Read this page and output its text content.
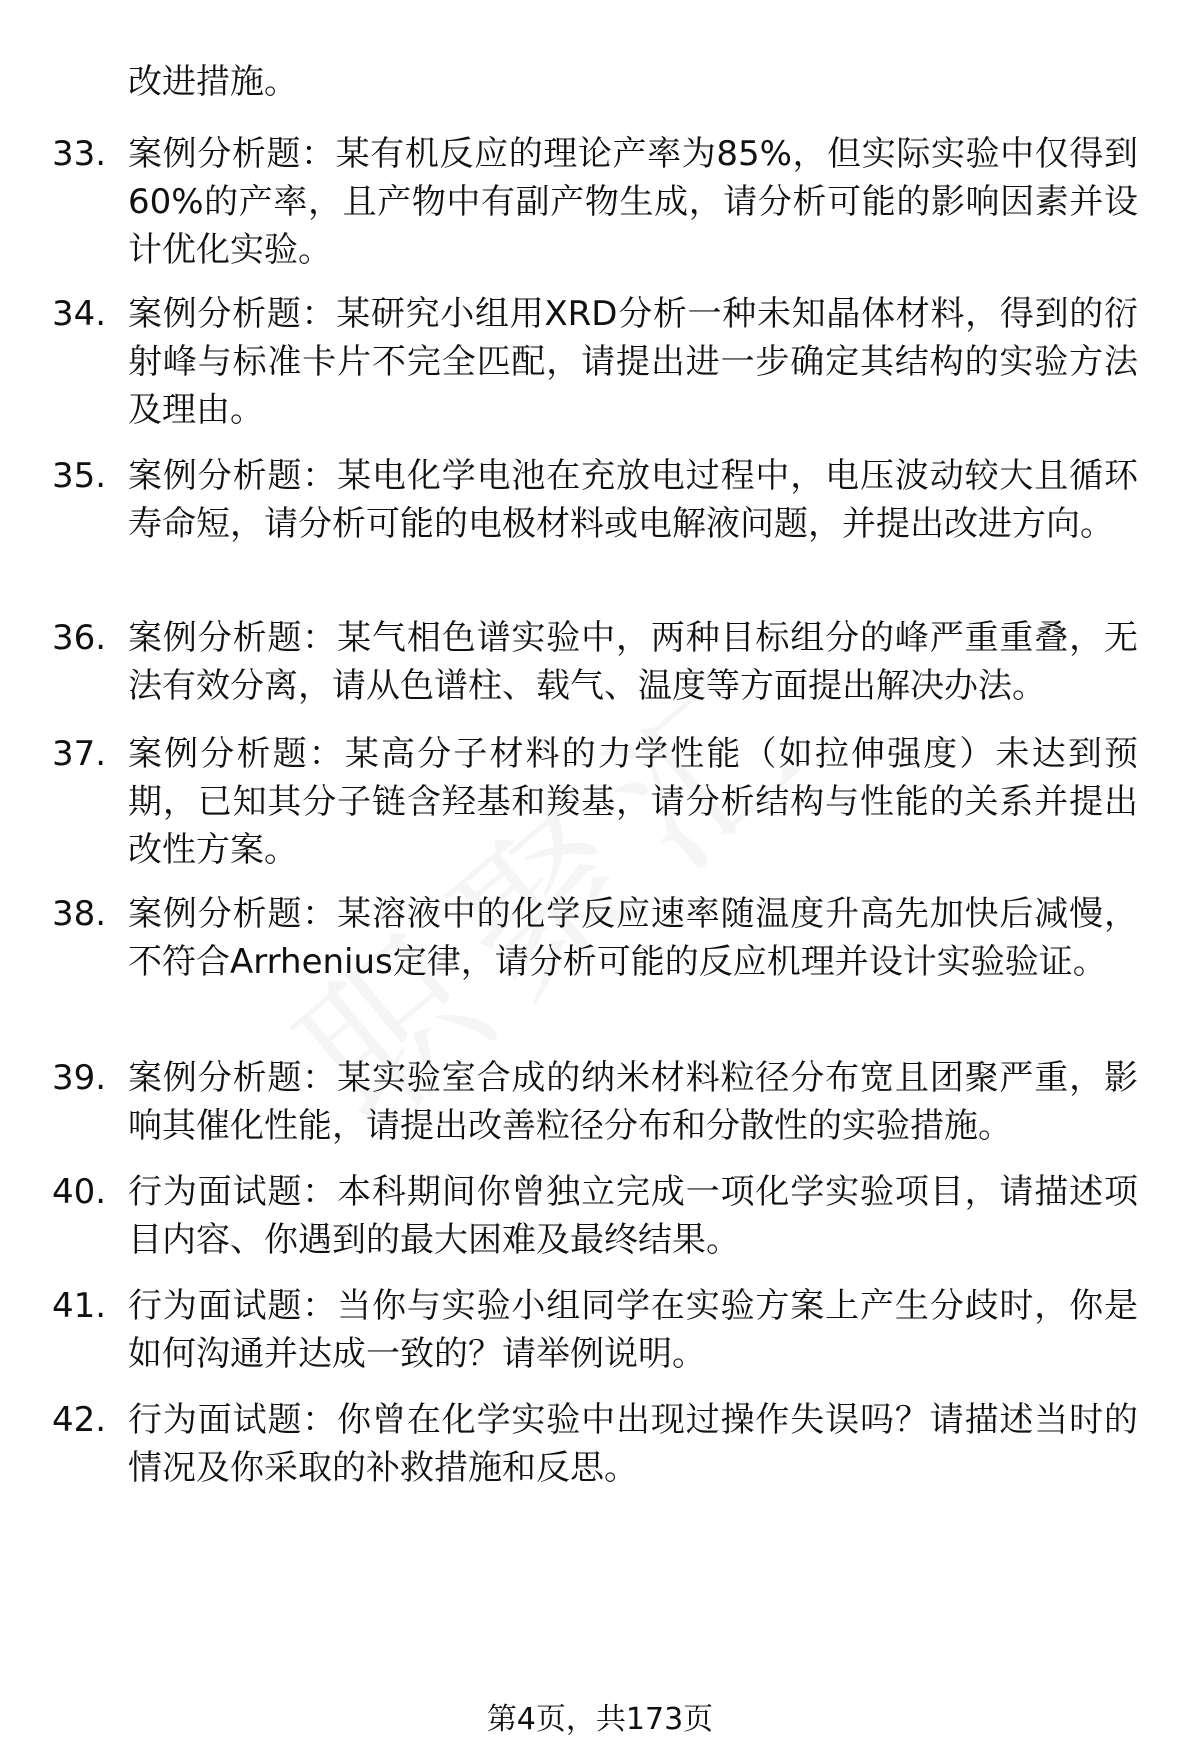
改进措施。

33. 案例分析题：某有机反应的理论产率为85%，但实际实验中仅得到60%的产率，且产物中有副产物生成，请分析可能的影响因素并设计优化实验。

34. 案例分析题：某研究小组用XRD分析一种未知晶体材料，得到的衍射峰与标准卡片不完全匹配，请提出进一步确定其结构的实验方法及理由。

35. 案例分析题：某电化学电池在充放电过程中，电压波动较大且循环寿命短，请分析可能的电极材料或电解液问题，并提出改进方向。

36. 案例分析题：某气相色谱实验中，两种目标组分的峰严重重叠，无法有效分离，请从色谱柱、载气、温度等方面提出解决办法。

37. 案例分析题：某高分子材料的力学性能（如拉伸强度）未达到预期，已知其分子链含羟基和羧基，请分析结构与性能的关系并提出改性方案。

38. 案例分析题：某溶液中的化学反应速率随温度升高先加快后减慢，不符合Arrhenius定律，请分析可能的反应机理并设计实验验证。

39. 案例分析题：某实验室合成的纳米材料粒径分布宽且团聚严重，影响其催化性能，请提出改善粒径分布和分散性的实验措施。

40. 行为面试题：本科期间你曾独立完成一项化学实验项目，请描述项目内容、你遇到的最大困难及最终结果。

41. 行为面试题：当你与实验小组同学在实验方案上产生分歧时，你是如何沟通并达成一致的？请举例说明。

42. 行为面试题：你曾在化学实验中出现过操作失误吗？请描述当时的情况及你采取的补救措施和反思。

第4页，共173页
